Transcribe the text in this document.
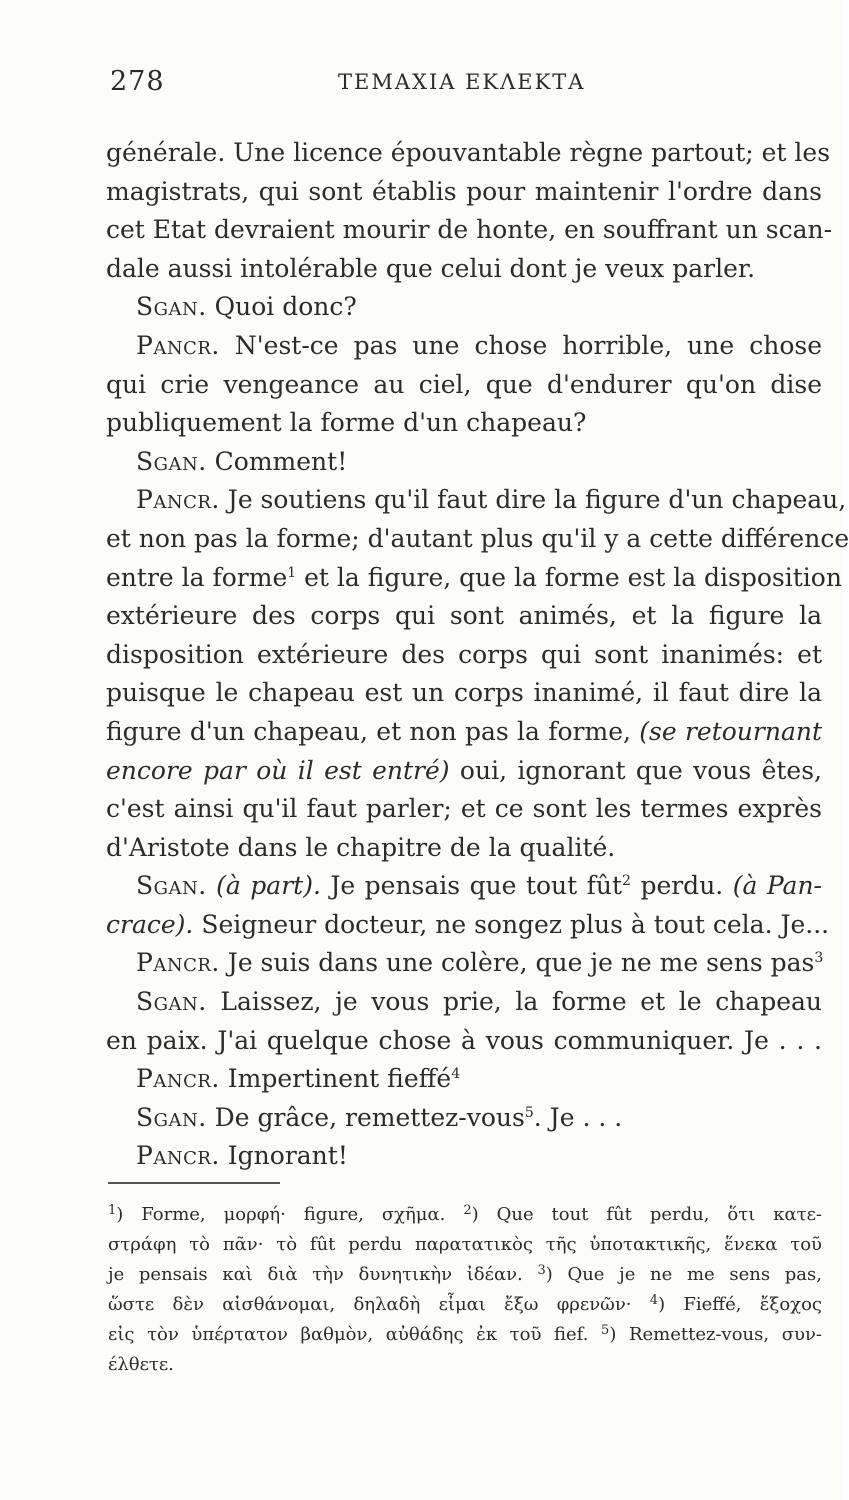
278	ΤΕΜΑΧΙΑ ΕΚΛΕΚΤΑ
générale. Une licence épouvantable règne partout; et les
magistrats, qui sont établis pour maintenir l'ordre dans
cet Etat devraient mourir de honte, en souffrant un scan-
dale aussi intolérable que celui dont je veux parler.
Sgan. Quoi donc?
Pancr. N'est-ce pas une chose horrible, une chose
qui crie vengeance au ciel, que d'endurer qu'on dise
publiquement la forme d'un chapeau?
Sgan. Comment!
Pancr. Je soutiens qu'il faut dire la figure d'un chapeau,
et non pas la forme; d'autant plus qu'il y a cette différence
entre la forme$^1$ et la figure, que la forme est la disposition
extérieure des corps qui sont animés, et la figure la
disposition extérieure des corps qui sont inanimés: et
puisque le chapeau est un corps inanimé, il faut dire la
figure d'un chapeau, et non pas la forme, (se retournant
encore par où il est entré) oui, ignorant que vous êtes,
c'est ainsi qu'il faut parler; et ce sont les termes exprès
d'Aristote dans le chapitre de la qualité.
Sgan. (à part). Je pensais que tout fût$^2$ perdu. (à Pan-
crace). Seigneur docteur, ne songez plus à tout cela. Je...
Pancr. Je suis dans une colère, que je ne me sens pas$^3$
Sgan. Laissez, je vous prie, la forme et le chapeau
en paix. J'ai quelque chose à vous communiquer. Je . . .
Pancr. Impertinent fieffé$^4$
Sgan. De grâce, remettez-vous$^5$. Je . . .
Pancr. Ignorant!
$^1$) Forme, μορφή· figure, σχῆμα. $^2$) Que tout fût perdu, ὅτι κατε-
στράφη τὸ πᾶν· τὸ fût perdu παρατατικὸς τῆς ὑποτακτικῆς, ἕνεκα τοῦ
je pensais καὶ διὰ τὴν δυνητικὴν ἰδέαν. $^3$) Que je ne me sens pas,
ὥστε δὲν αἰσθάνομαι, δηλαδὴ εἶμαι ἔξω φρενῶν· $^4$) Fieffé, ἔξοχος
εἰς τὸν ὑπέρτατον βαθμὸν, αὐθάδης ἐκ τοῦ fief. $^5$) Remettez-vous, συν-
έλθετε.
